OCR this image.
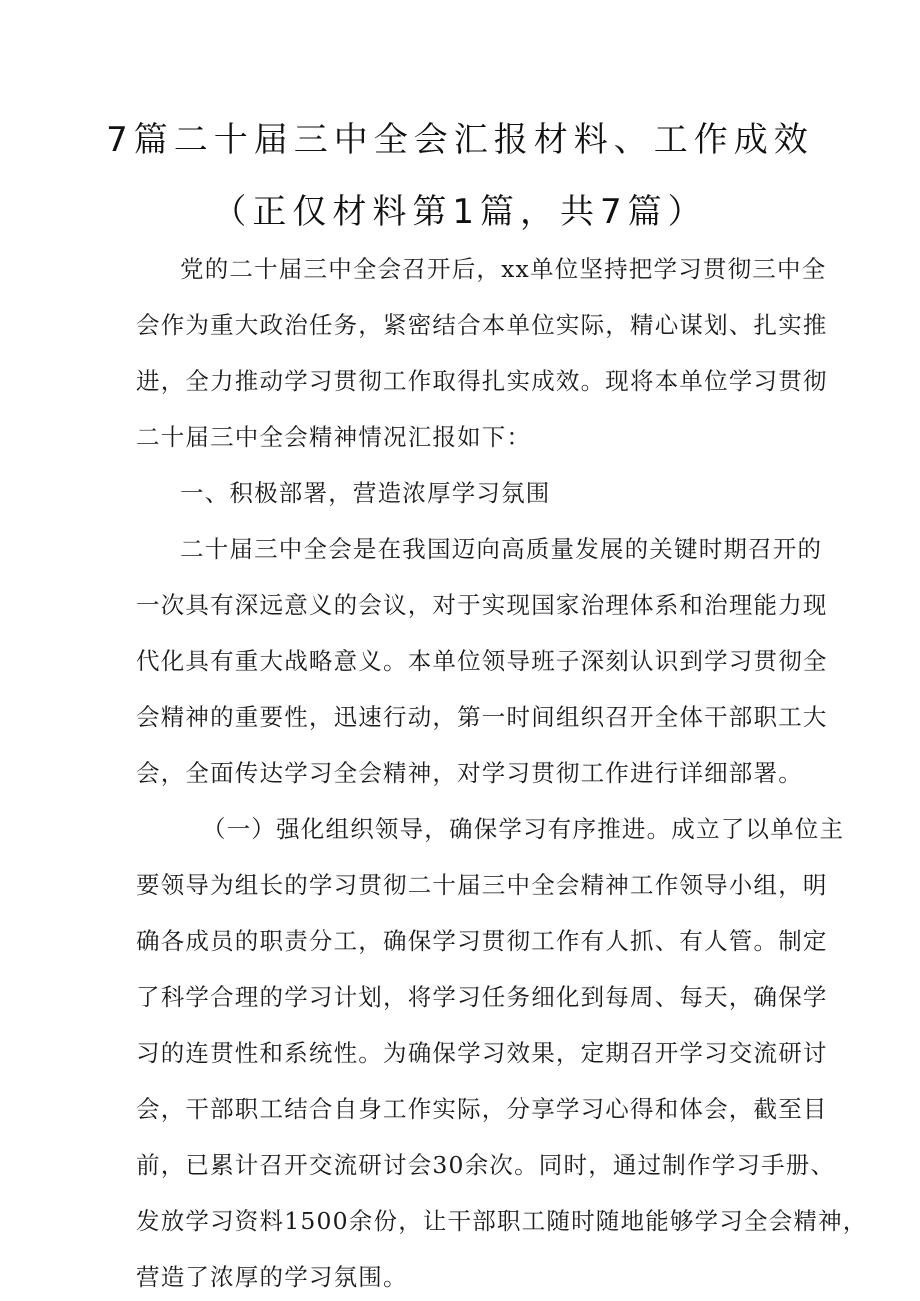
7篇二十届三中全会汇报材料、工作成效
（正仅材料第1篇，共7篇）
党的二十届三中全会召开后，xx单位坚持把学习贯彻三中全
会作为重大政治任务，紧密结合本单位实际，精心谋划、扎实推
进，全力推动学习贯彻工作取得扎实成效。现将本单位学习贯彻
二十届三中全会精神情况汇报如下：
一、积极部署，营造浓厚学习氛围
二十届三中全会是在我国迈向高质量发展的关键时期召开的
一次具有深远意义的会议，对于实现国家治理体系和治理能力现
代化具有重大战略意义。本单位领导班子深刻认识到学习贯彻全
会精神的重要性，迅速行动，第一时间组织召开全体干部职工大
会，全面传达学习全会精神，对学习贯彻工作进行详细部署。
（一）强化组织领导，确保学习有序推进。成立了以单位主
要领导为组长的学习贯彻二十届三中全会精神工作领导小组，明
确各成员的职责分工，确保学习贯彻工作有人抓、有人管。制定
了科学合理的学习计划，将学习任务细化到每周、每天，确保学
习的连贯性和系统性。为确保学习效果，定期召开学习交流研讨
会，干部职工结合自身工作实际，分享学习心得和体会，截至目
前，已累计召开交流研讨会30余次。同时，通过制作学习手册、
发放学习资料1500余份，让干部职工随时随地能够学习全会精神，
营造了浓厚的学习氛围。
